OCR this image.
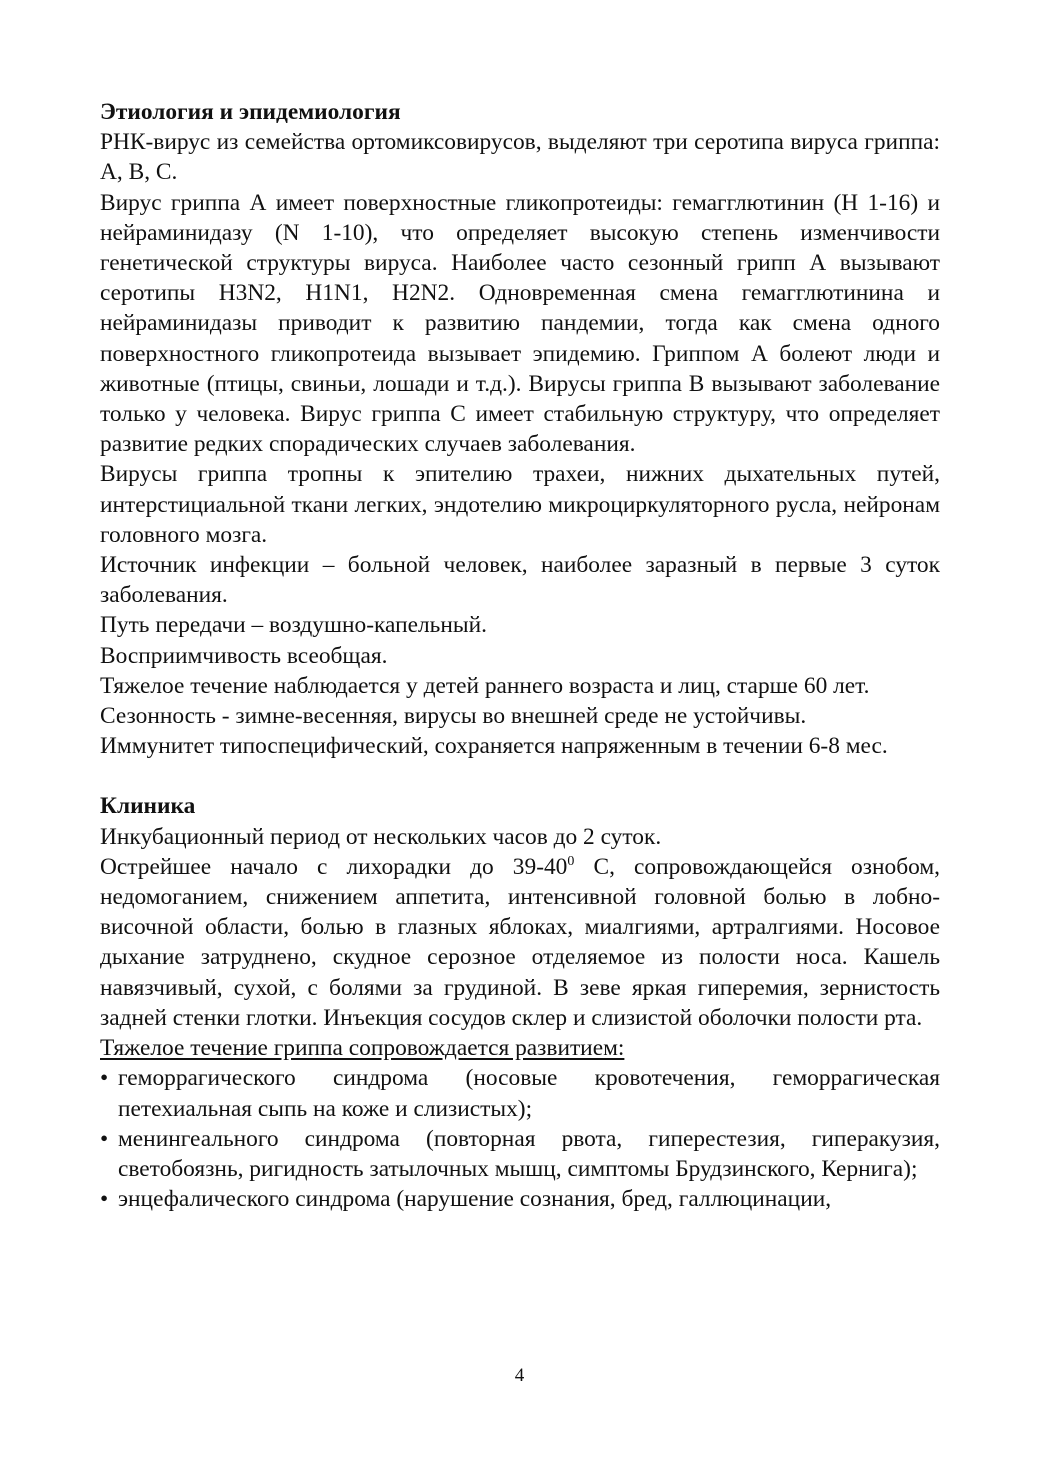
Этиология и эпидемиология

РНК-вирус из семейства ортомиксовирусов, выделяют три серотипа вируса гриппа: А, В, С.

Вирус гриппа А имеет поверхностные гликопротеиды: гемагглютинин (Н 1-16) и нейраминидазу (N 1-10), что определяет высокую степень изменчивости генетической структуры вируса. Наиболее часто сезонный грипп А вызывают серотипы H3N2, H1N1, H2N2. Одновременная смена гемагглютинина и нейраминидазы приводит к развитию пандемии, тогда как смена одного поверхностного гликопротеида вызывает эпидемию. Гриппом А болеют люди и животные (птицы, свиньи, лошади и т.д.). Вирусы гриппа В вызывают заболевание только у человека. Вирус гриппа С имеет стабильную структуру, что определяет развитие редких спорадических случаев заболевания.

Вирусы гриппа тропны к эпителию трахеи, нижних дыхательных путей, интерстициальной ткани легких, эндотелию микроциркуляторного русла, нейронам головного мозга.

Источник инфекции – больной человек, наиболее заразный в первые 3 суток заболевания.

Путь передачи – воздушно-капельный.

Восприимчивость всеобщая.

Тяжелое течение наблюдается у детей раннего возраста и лиц, старше 60 лет.

Сезонность - зимне-весенняя, вирусы во внешней среде не устойчивы.

Иммунитет типоспецифический, сохраняется напряженным в течении 6-8 мес.

Клиника

Инкубационный период от нескольких часов до 2 суток.

Острейшее начало с лихорадки до $39-40^0$ С, сопровождающейся ознобом, недомоганием, снижением аппетита, интенсивной головной болью в лобно-височной области, болью в глазных яблоках, миалгиями, артралгиями. Носовое дыхание затруднено, скудное серозное отделяемое из полости носа. Кашель навязчивый, сухой, с болями за грудиной. В зеве яркая гиперемия, зернистость задней стенки глотки. Инъекция сосудов склер и слизистой оболочки полости рта.

Тяжелое течение гриппа сопровождается развитием:

• геморрагического синдрома (носовые кровотечения, геморрагическая петехиальная сыпь на коже и слизистых);
• менингеального синдрома (повторная рвота, гиперестезия, гиперакузия, светобоязнь, ригидность затылочных мышц, симптомы Брудзинского, Кернига);
• энцефалического синдрома (нарушение сознания, бред, галлюцинации,
4
